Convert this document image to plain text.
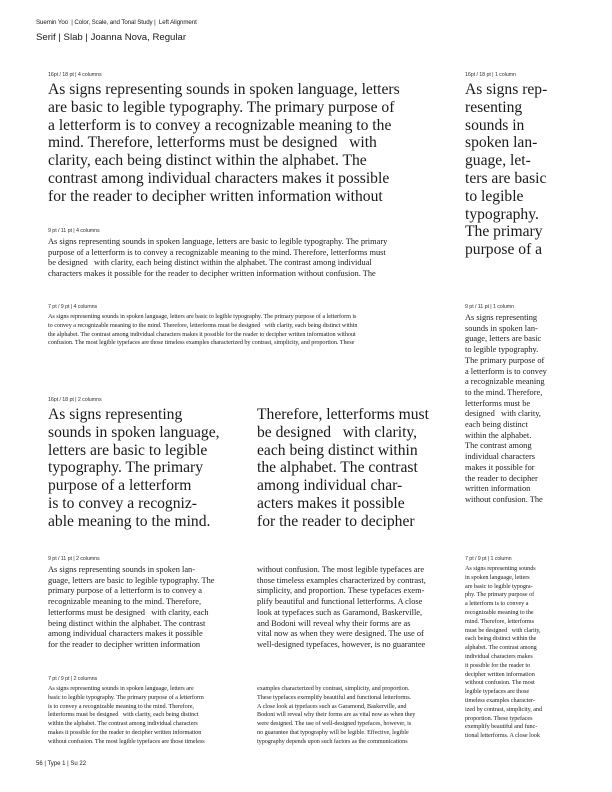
Suemin Yoo  | Color, Scale, and Tonal Study |  Left Alignment
Serif | Slab | Joanna Nova, Regular
16pt / 18 pt | 4 columns
As signs representing sounds in spoken language, letters
are basic to legible typography. The primary purpose of
a letterform is to convey a recognizable meaning to the
mind. Therefore, letterforms must be designed   with
clarity, each being distinct within the alphabet. The
contrast among individual characters makes it possible
for the reader to decipher written information without
16pt / 18 pt | 1 column
As signs rep-
resenting
sounds in
spoken lan-
guage, let-
ters are basic
to legible
typography.
The primary
purpose of a
9 pt / 11 pt | 4 columns
As signs representing sounds in spoken language, letters are basic to legible typography. The primary
purpose of a letterform is to convey a recognizable meaning to the mind. Therefore, letterforms must
be designed   with clarity, each being distinct within the alphabet. The contrast among individual
characters makes it possible for the reader to decipher written information without confusion. The
7 pt / 9 pt | 4 columns
As signs representing sounds in spoken language, letters are basic to legible typography. The primary purpose of a letterform is
to convey a recognizable meaning to the mind. Therefore, letterforms must be designed   with clarity, each being distinct within
the alphabet. The contrast among individual characters makes it possible for the reader to decipher written information without
confusion. The most legible typefaces are those timeless examples characterized by contrast, simplicity, and proportion. These
9 pt / 11 pt | 1 column
As signs representing
sounds in spoken lan-
guage, letters are basic
to legible typography.
The primary purpose of
a letterform is to convey
a recognizable meaning
to the mind. Therefore,
letterforms must be
designed   with clarity,
each being distinct
within the alphabet.
The contrast among
individual characters
makes it possible for
the reader to decipher
written information
without confusion. The
16pt / 18 pt | 2 columns
As signs representing
sounds in spoken language,
letters are basic to legible
typography. The primary
purpose of a letterform
is to convey a recogniz-
able meaning to the mind.
Therefore, letterforms must
be designed   with clarity,
each being distinct within
the alphabet. The contrast
among individual char-
acters makes it possible
for the reader to decipher
9 pt / 11 pt | 2 columns
As signs representing sounds in spoken lan-
guage, letters are basic to legible typography. The
primary purpose of a letterform is to convey a
recognizable meaning to the mind. Therefore,
letterforms must be designed   with clarity, each
being distinct within the alphabet. The contrast
among individual characters makes it possible
for the reader to decipher written information
without confusion. The most legible typefaces are
those timeless examples characterized by contrast,
simplicity, and proportion. These typefaces exem-
plify beautiful and functional letterforms. A close
look at typefaces such as Garamond, Baskerville,
and Bodoni will reveal why their forms are as
vital now as when they were designed. The use of
well-designed typefaces, however, is no guarantee
7 pt / 9 pt | 1 column
As signs representing sounds
in spoken language, letters
are basic to legible typogra-
phy. The primary purpose of
a letterform is to convey a
recognizable meaning to the
mind. Therefore, letterforms
must be designed   with clarity,
each being distinct within the
alphabet. The contrast among
individual characters makes
it possible for the reader to
decipher written information
without confusion. The most
legible typefaces are those
timeless examples character-
ized by contrast, simplicity, and
proportion. These typefaces
exemplify beautiful and func-
tional letterforms. A close look
7 pt / 9 pt | 2 columns
As signs representing sounds in spoken language, letters are
basic to legible typography. The primary purpose of a letterform
is to convey a recognizable meaning to the mind. Therefore,
letterforms must be designed   with clarity, each being distinct
within the alphabet. The contrast among individual characters
makes it possible for the reader to decipher written information
without confusion. The most legible typefaces are those timeless
examples characterized by contrast, simplicity, and proportion.
These typefaces exemplify beautiful and functional letterforms.
A close look at typefaces such as Garamond, Baskerville, and
Bodoni will reveal why their forms are as vital now as when they
were designed. The use of well-designed typefaces, however, is
no guarantee that typography will be legible. Effective, legible
typography depends upon such factors as the communications
56 | Type 1 | Su 22
